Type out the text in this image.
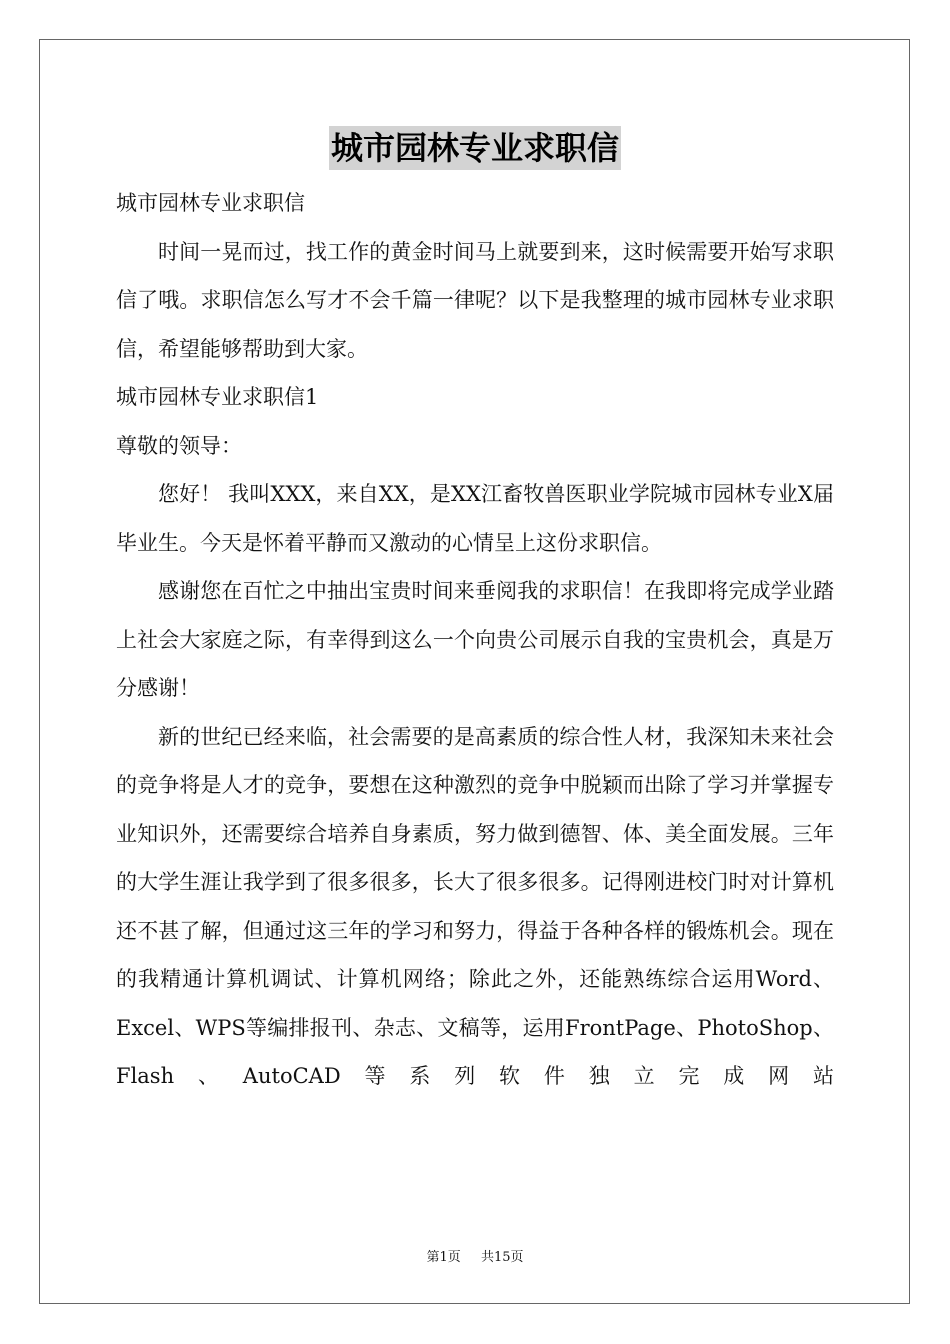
城市园林专业求职信

城市园林专业求职信

时间一晃而过，找工作的黄金时间马上就要到来，这时候需要开始写求职信了哦。求职信怎么写才不会千篇一律呢？以下是我整理的城市园林专业求职信，希望能够帮助到大家。

城市园林专业求职信1

尊敬的领导：

您好！ 我叫XXX，来自XX，是XX江畜牧兽医职业学院城市园林专业X届毕业生。今天是怀着平静而又激动的心情呈上这份求职信。

感谢您在百忙之中抽出宝贵时间来垂阅我的求职信！在我即将完成学业踏上社会大家庭之际，有幸得到这么一个向贵公司展示自我的宝贵机会，真是万分感谢！

新的世纪已经来临，社会需要的是高素质的综合性人材，我深知未来社会的竞争将是人才的竞争，要想在这种激烈的竞争中脱颖而出除了学习并掌握专业知识外，还需要综合培养自身素质，努力做到德智、体、美全面发展。三年的大学生涯让我学到了很多很多，长大了很多很多。记得刚进校门时对计算机还不甚了解，但通过这三年的学习和努力，得益于各种各样的锻炼机会。现在的我精通计算机调试、计算机网络；除此之外，还能熟练综合运用Word、Excel、WPS等编排报刊、杂志、文稿等，运用FrontPage、PhotoShop、Flash、AutoCAD等系列软件独立完成网站

第1页 共15页
